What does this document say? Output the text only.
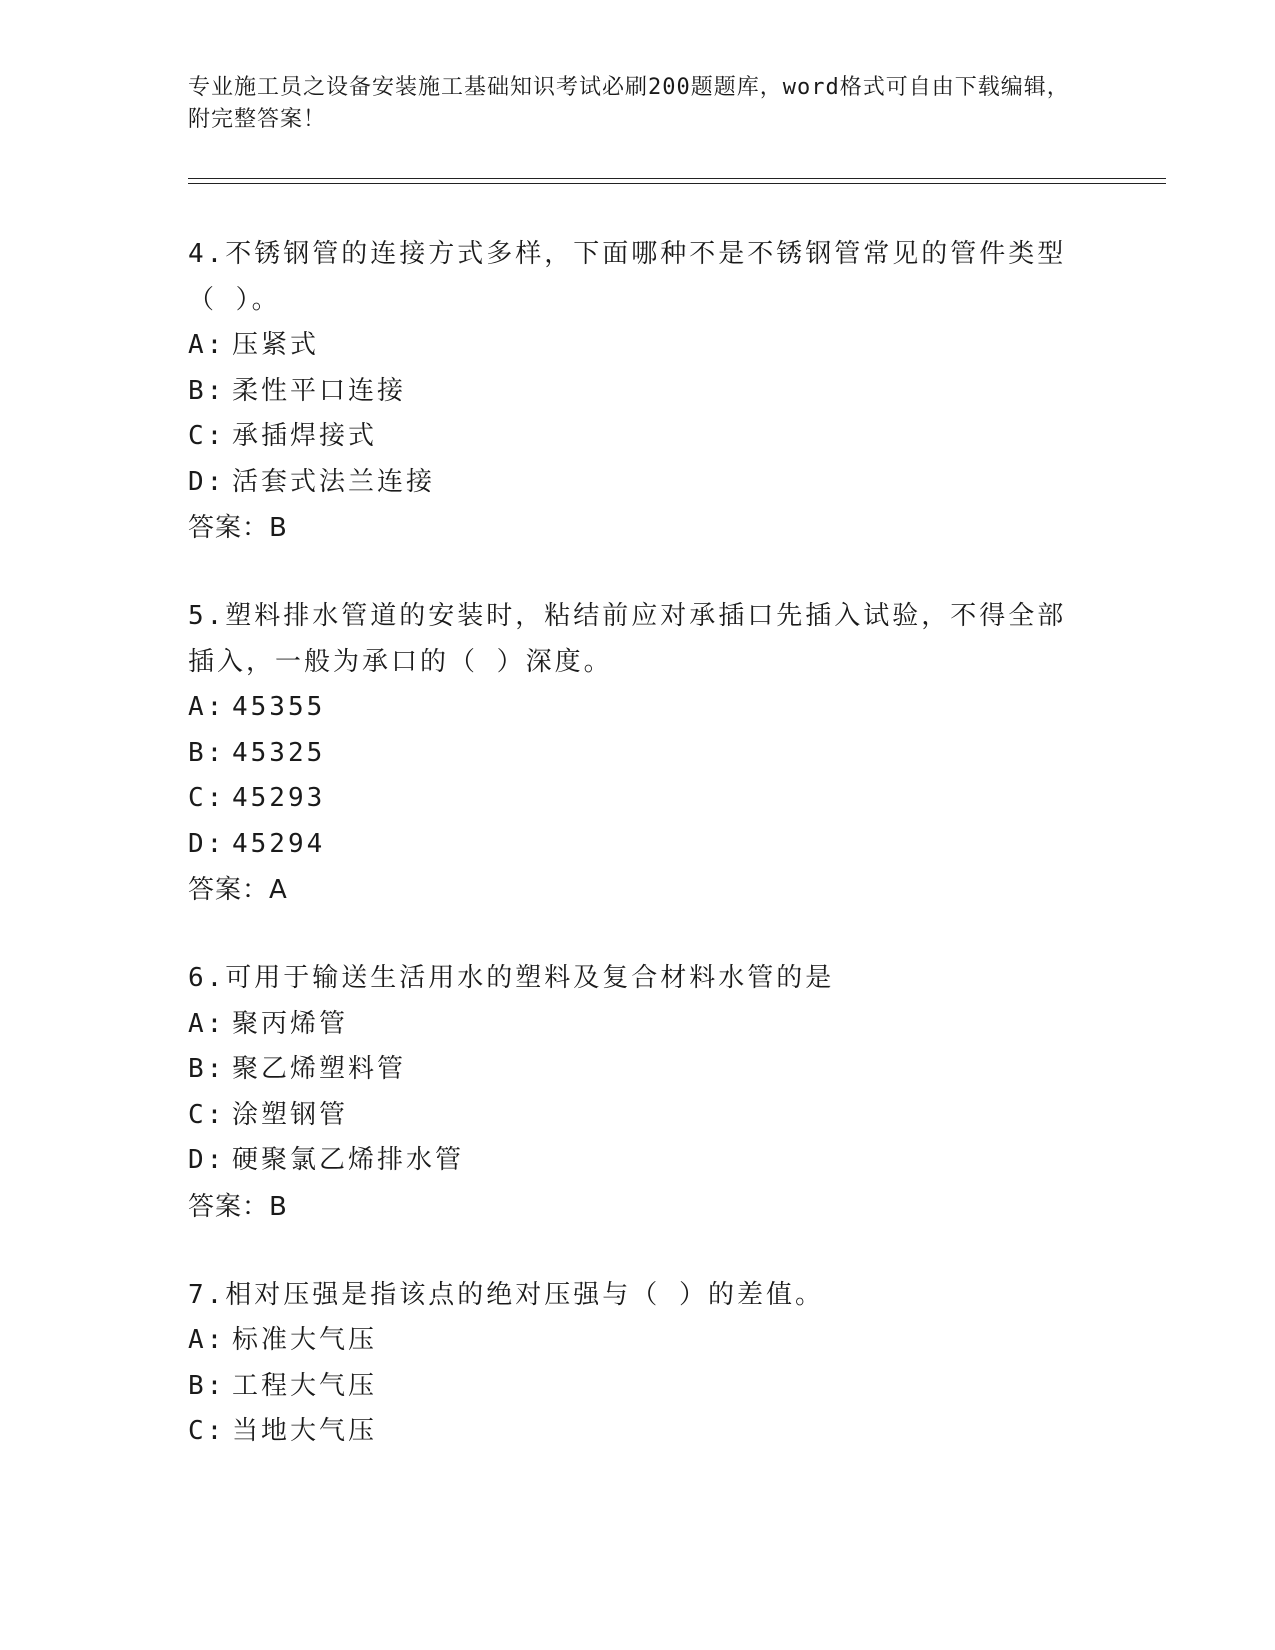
专业施工员之设备安装施工基础知识考试必刷200题题库，word格式可自由下载编辑，附完整答案！
4.不锈钢管的连接方式多样，下面哪种不是不锈钢管常见的管件类型（ ）。
A: 压紧式
B: 柔性平口连接
C: 承插焊接式
D: 活套式法兰连接
答案：B
5.塑料排水管道的安装时，粘结前应对承插口先插入试验，不得全部插入，一般为承口的（ ）深度。
A: 45355
B: 45325
C: 45293
D: 45294
答案：A
6.可用于输送生活用水的塑料及复合材料水管的是
A: 聚丙烯管
B: 聚乙烯塑料管
C: 涂塑钢管
D: 硬聚氯乙烯排水管
答案：B
7.相对压强是指该点的绝对压强与（ ）的差值。
A: 标准大气压
B: 工程大气压
C: 当地大气压
